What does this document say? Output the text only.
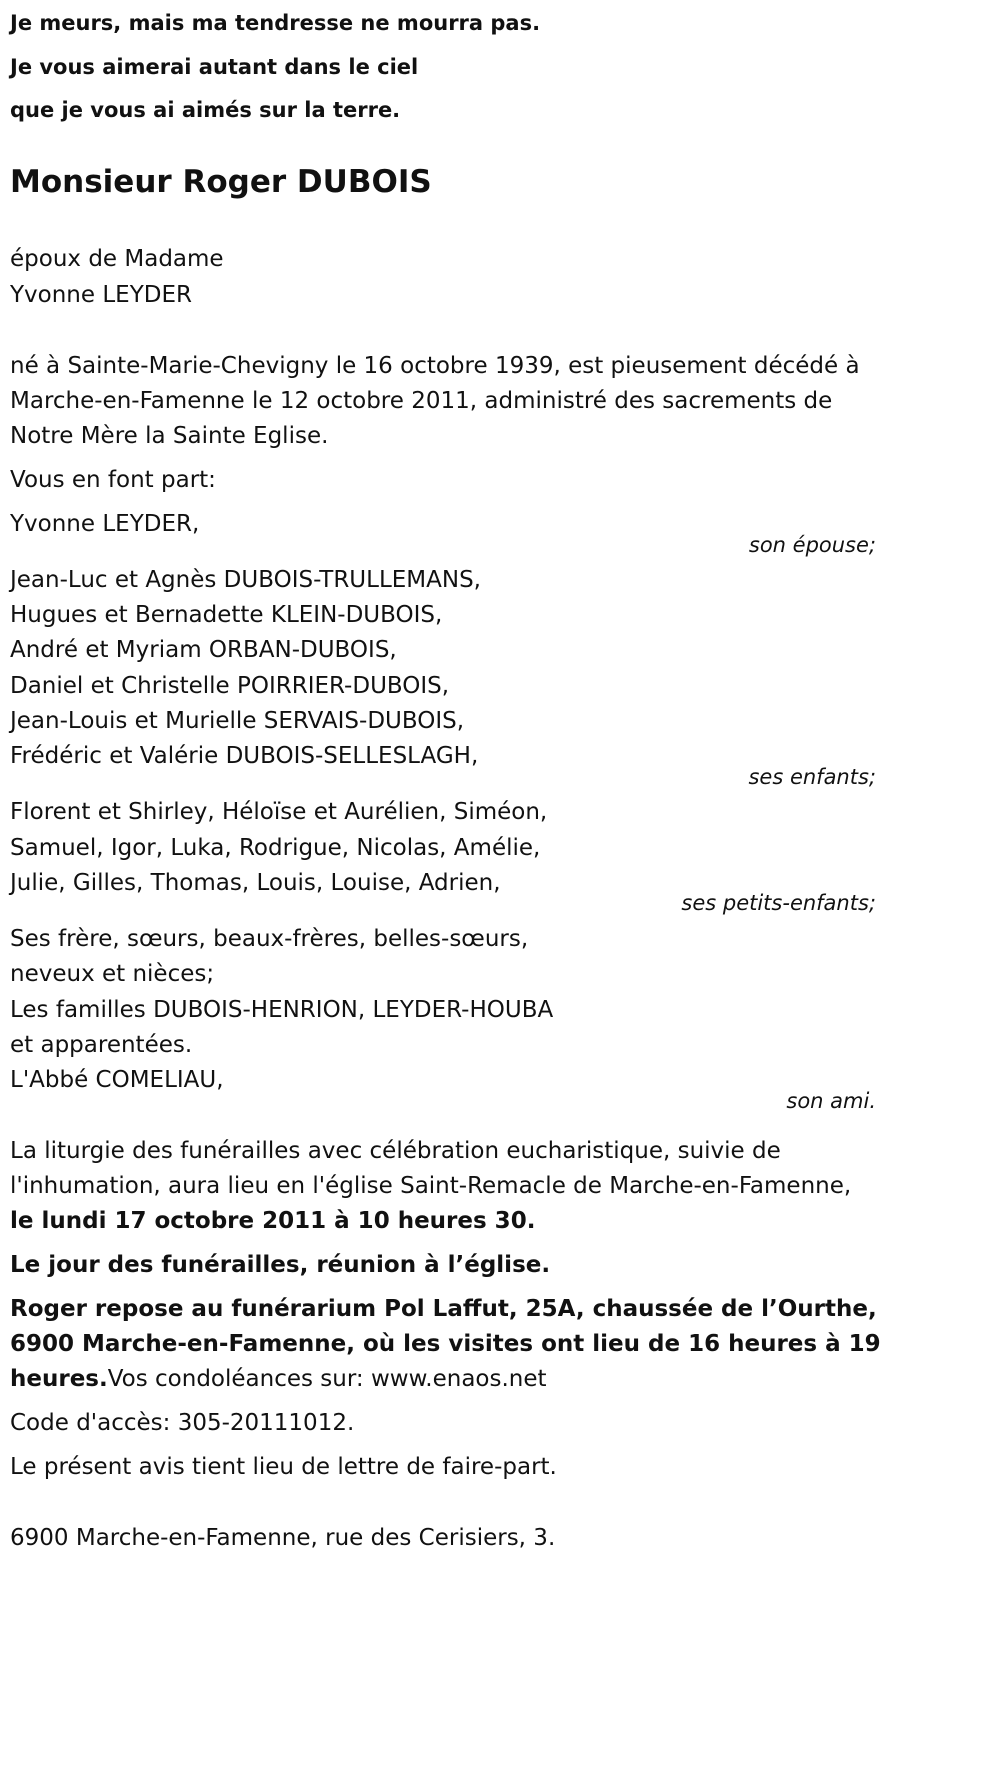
Je meurs, mais ma tendresse ne mourra pas.
Je vous aimerai autant dans le ciel
que je vous ai aimés sur la terre.
Monsieur Roger DUBOIS
époux de Madame
Yvonne LEYDER
né à Sainte-Marie-Chevigny le 16 octobre 1939, est pieusement décédé à
Marche-en-Famenne le 12 octobre 2011, administré des sacrements de
Notre Mère la Sainte Eglise.
Vous en font part:
Yvonne LEYDER,
son épouse;
Jean-Luc et Agnès DUBOIS-TRULLEMANS,
Hugues et Bernadette KLEIN-DUBOIS,
André et Myriam ORBAN-DUBOIS,
Daniel et Christelle POIRRIER-DUBOIS,
Jean-Louis et Murielle SERVAIS-DUBOIS,
Frédéric et Valérie DUBOIS-SELLESLAGH,
ses enfants;
Florent et Shirley, Héloïse et Aurélien, Siméon,
Samuel, Igor, Luka, Rodrigue, Nicolas, Amélie,
Julie, Gilles, Thomas, Louis, Louise, Adrien,
ses petits-enfants;
Ses frère, sœurs, beaux-frères, belles-sœurs,
neveux et nièces;
Les familles DUBOIS-HENRION, LEYDER-HOUBA
et apparentées.
L'Abbé COMELIAU,
son ami.
La liturgie des funérailles avec célébration eucharistique, suivie de
l'inhumation, aura lieu en l'église Saint-Remacle de Marche-en-Famenne,
le lundi 17 octobre 2011 à 10 heures 30.
Le jour des funérailles, réunion à l’église.
Roger repose au funérarium Pol Laffut, 25A, chaussée de l’Ourthe,
6900 Marche-en-Famenne, où les visites ont lieu de 16 heures à 19
heures.Vos condoléances sur: www.enaos.net
Code d'accès: 305-20111012.
Le présent avis tient lieu de lettre de faire-part.
6900 Marche-en-Famenne, rue des Cerisiers, 3.
